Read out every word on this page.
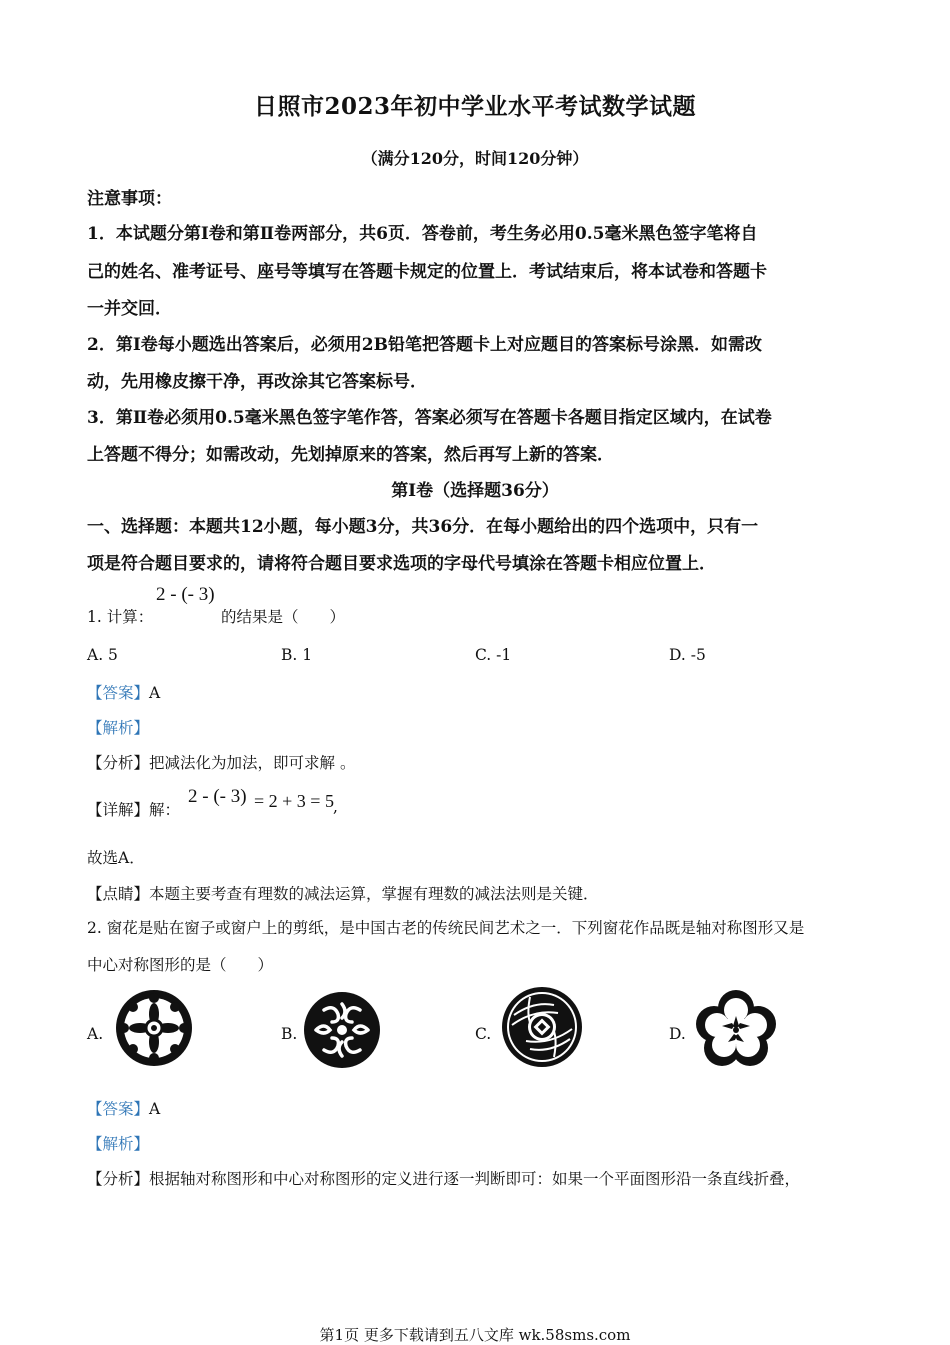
日照市2023年初中学业水平考试数学试题
（满分120分，时间120分钟）
注意事项：
1．本试题分第Ⅰ卷和第Ⅱ卷两部分，共6页．答卷前，考生务必用0.5毫米黑色签字笔将自
己的姓名、准考证号、座号等填写在答题卡规定的位置上．考试结束后，将本试卷和答题卡
一并交回．
2．第Ⅰ卷每小题选出答案后，必须用2B铅笔把答题卡上对应题目的答案标号涂黑．如需改
动，先用橡皮擦干净，再改涂其它答案标号．
3．第Ⅱ卷必须用0.5毫米黑色签字笔作答，答案必须写在答题卡各题目指定区域内，在试卷
上答题不得分；如需改动，先划掉原来的答案，然后再写上新的答案．
第Ⅰ卷（选择题36分）
一、选择题：本题共12小题，每小题3分，共36分．在每小题给出的四个选项中，只有一
项是符合题目要求的，请将符合题目要求选项的字母代号填涂在答题卡相应位置上．
1. 计算：
2 - (- 3)
的结果是（　　）
A. 5	B. 1	C. -1	D. -5
【答案】A
【解析】
【分析】把减法化为加法，即可求解 。
【详解】解：
2 - (- 3) = 2 + 3 = 5 ,
故选A．
【点睛】本题主要考查有理数的减法运算，掌握有理数的减法法则是关键．
2. 窗花是贴在窗子或窗户上的剪纸，是中国古老的传统民间艺术之一．下列窗花作品既是轴对称图形又是
中心对称图形的是（　　）
A.	B.	C.	D.
【答案】A
【解析】
【分析】根据轴对称图形和中心对称图形的定义进行逐一判断即可：如果一个平面图形沿一条直线折叠，
第1页 更多下载请到五八文库 wk.58sms.com
